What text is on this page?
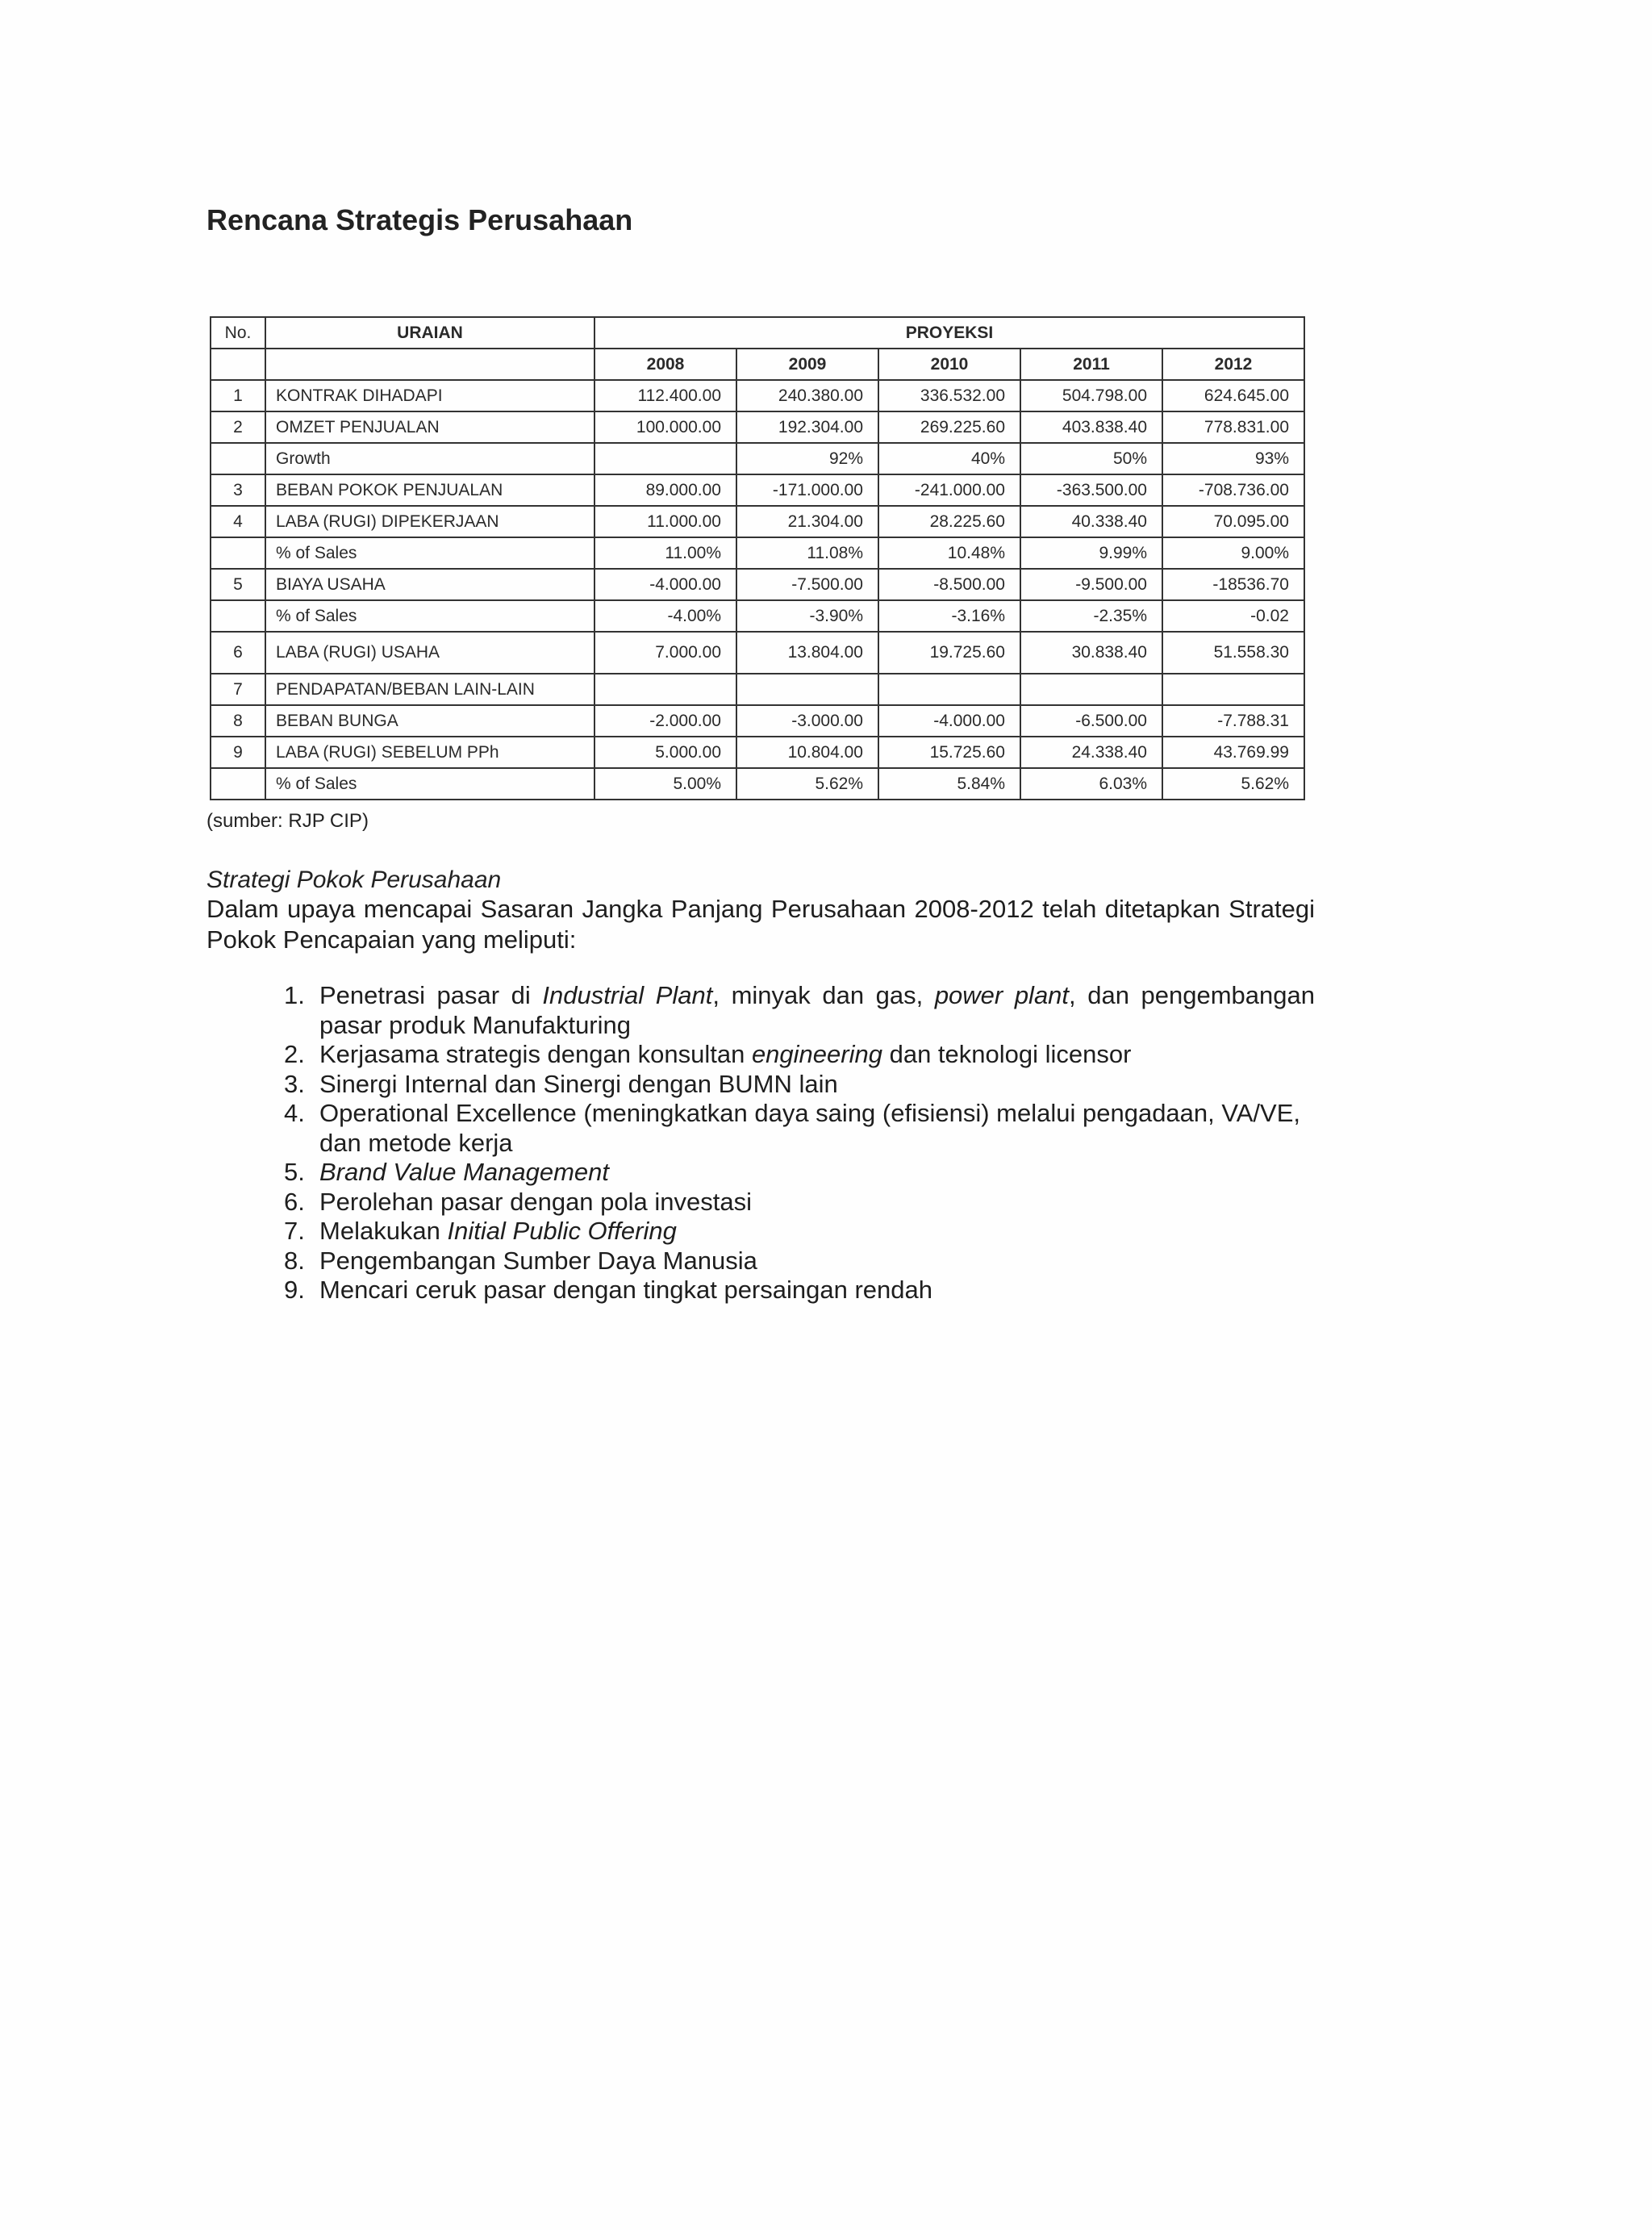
Rencana Strategis Perusahaan
No.	URAIAN	PROYEKSI				
		2008	2009	2010	2011	2012
1	KONTRAK DIHADAPI	112.400.00	240.380.00	336.532.00	504.798.00	624.645.00
2	OMZET PENJUALAN	100.000.00	192.304.00	269.225.60	403.838.40	778.831.00
	Growth		92%	40%	50%	93%
3	BEBAN POKOK PENJUALAN	89.000.00	-171.000.00	-241.000.00	-363.500.00	-708.736.00
4	LABA (RUGI) DIPEKERJAAN	11.000.00	21.304.00	28.225.60	40.338.40	70.095.00
	% of Sales	11.00%	11.08%	10.48%	9.99%	9.00%
5	BIAYA USAHA	-4.000.00	-7.500.00	-8.500.00	-9.500.00	-18536.70
	% of Sales	-4.00%	-3.90%	-3.16%	-2.35%	-0.02
6	LABA (RUGI) USAHA	7.000.00	13.804.00	19.725.60	30.838.40	51.558.30
7	PENDAPATAN/BEBAN LAIN-LAIN					
8	BEBAN BUNGA	-2.000.00	-3.000.00	-4.000.00	-6.500.00	-7.788.31
9	LABA (RUGI) SEBELUM PPh	5.000.00	10.804.00	15.725.60	24.338.40	43.769.99
	% of Sales	5.00%	5.62%	5.84%	6.03%	5.62%
(sumber: RJP CIP)
Strategi Pokok Perusahaan
Dalam upaya mencapai Sasaran Jangka Panjang Perusahaan 2008-2012 telah ditetapkan Strategi Pokok Pencapaian yang meliputi:
1. Penetrasi pasar di Industrial Plant, minyak dan gas, power plant, dan pengembangan pasar produk Manufakturing
2. Kerjasama strategis dengan konsultan engineering dan teknologi licensor
3. Sinergi Internal dan Sinergi dengan BUMN lain
4. Operational Excellence (meningkatkan daya saing (efisiensi) melalui pengadaan, VA/VE, dan metode kerja
5. Brand Value Management
6. Perolehan pasar dengan pola investasi
7. Melakukan Initial Public Offering
8. Pengembangan Sumber Daya Manusia
9. Mencari ceruk pasar dengan tingkat persaingan rendah
